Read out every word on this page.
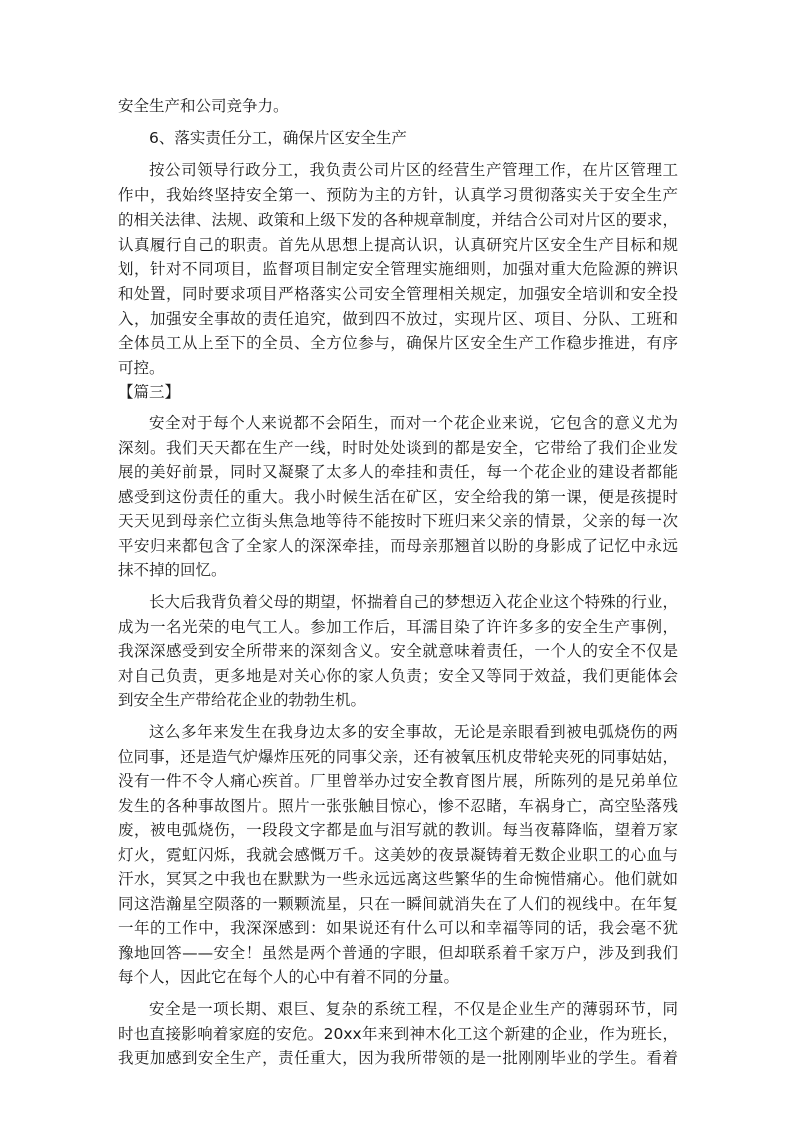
安全生产和公司竞争力。
6、落实责任分工，确保片区安全生产
按公司领导行政分工，我负责公司片区的经营生产管理工作，在片区管理工
作中，我始终坚持安全第一、预防为主的方针，认真学习贯彻落实关于安全生产
的相关法律、法规、政策和上级下发的各种规章制度，并结合公司对片区的要求，
认真履行自己的职责。首先从思想上提高认识，认真研究片区安全生产目标和规
划，针对不同项目，监督项目制定安全管理实施细则，加强对重大危险源的辨识
和处置，同时要求项目严格落实公司安全管理相关规定，加强安全培训和安全投
入，加强安全事故的责任追究，做到四不放过，实现片区、项目、分队、工班和
全体员工从上至下的全员、全方位参与，确保片区安全生产工作稳步推进，有序
可控。
【篇三】
安全对于每个人来说都不会陌生，而对一个花企业来说，它包含的意义尤为
深刻。我们天天都在生产一线，时时处处谈到的都是安全，它带给了我们企业发
展的美好前景，同时又凝聚了太多人的牵挂和责任，每一个花企业的建设者都能
感受到这份责任的重大。我小时候生活在矿区，安全给我的第一课，便是孩提时
天天见到母亲伫立街头焦急地等待不能按时下班归来父亲的情景，父亲的每一次
平安归来都包含了全家人的深深牵挂，而母亲那翘首以盼的身影成了记忆中永远
抹不掉的回忆。
长大后我背负着父母的期望，怀揣着自己的梦想迈入花企业这个特殊的行业，
成为一名光荣的电气工人。参加工作后，耳濡目染了许许多多的安全生产事例，
我深深感受到安全所带来的深刻含义。安全就意味着责任，一个人的安全不仅是
对自己负责，更多地是对关心你的家人负责；安全又等同于效益，我们更能体会
到安全生产带给花企业的勃勃生机。
这么多年来发生在我身边太多的安全事故，无论是亲眼看到被电弧烧伤的两
位同事，还是造气炉爆炸压死的同事父亲，还有被氧压机皮带轮夹死的同事姑姑，
没有一件不令人痛心疾首。厂里曾举办过安全教育图片展，所陈列的是兄弟单位
发生的各种事故图片。照片一张张触目惊心，惨不忍睹，车祸身亡，高空坠落残
废，被电弧烧伤，一段段文字都是血与泪写就的教训。每当夜幕降临，望着万家
灯火，霓虹闪烁，我就会感慨万千。这美妙的夜景凝铸着无数企业职工的心血与
汗水，冥冥之中我也在默默为一些永远远离这些繁华的生命惋惜痛心。他们就如
同这浩瀚星空陨落的一颗颗流星，只在一瞬间就消失在了人们的视线中。在年复
一年的工作中，我深深感到：如果说还有什么可以和幸福等同的话，我会毫不犹
豫地回答——安全！虽然是两个普通的字眼，但却联系着千家万户，涉及到我们
每个人，因此它在每个人的心中有着不同的分量。
安全是一项长期、艰巨、复杂的系统工程，不仅是企业生产的薄弱环节，同
时也直接影响着家庭的安危。20xx年来到神木化工这个新建的企业，作为班长，
我更加感到安全生产，责任重大，因为我所带领的是一批刚刚毕业的学生。看着
